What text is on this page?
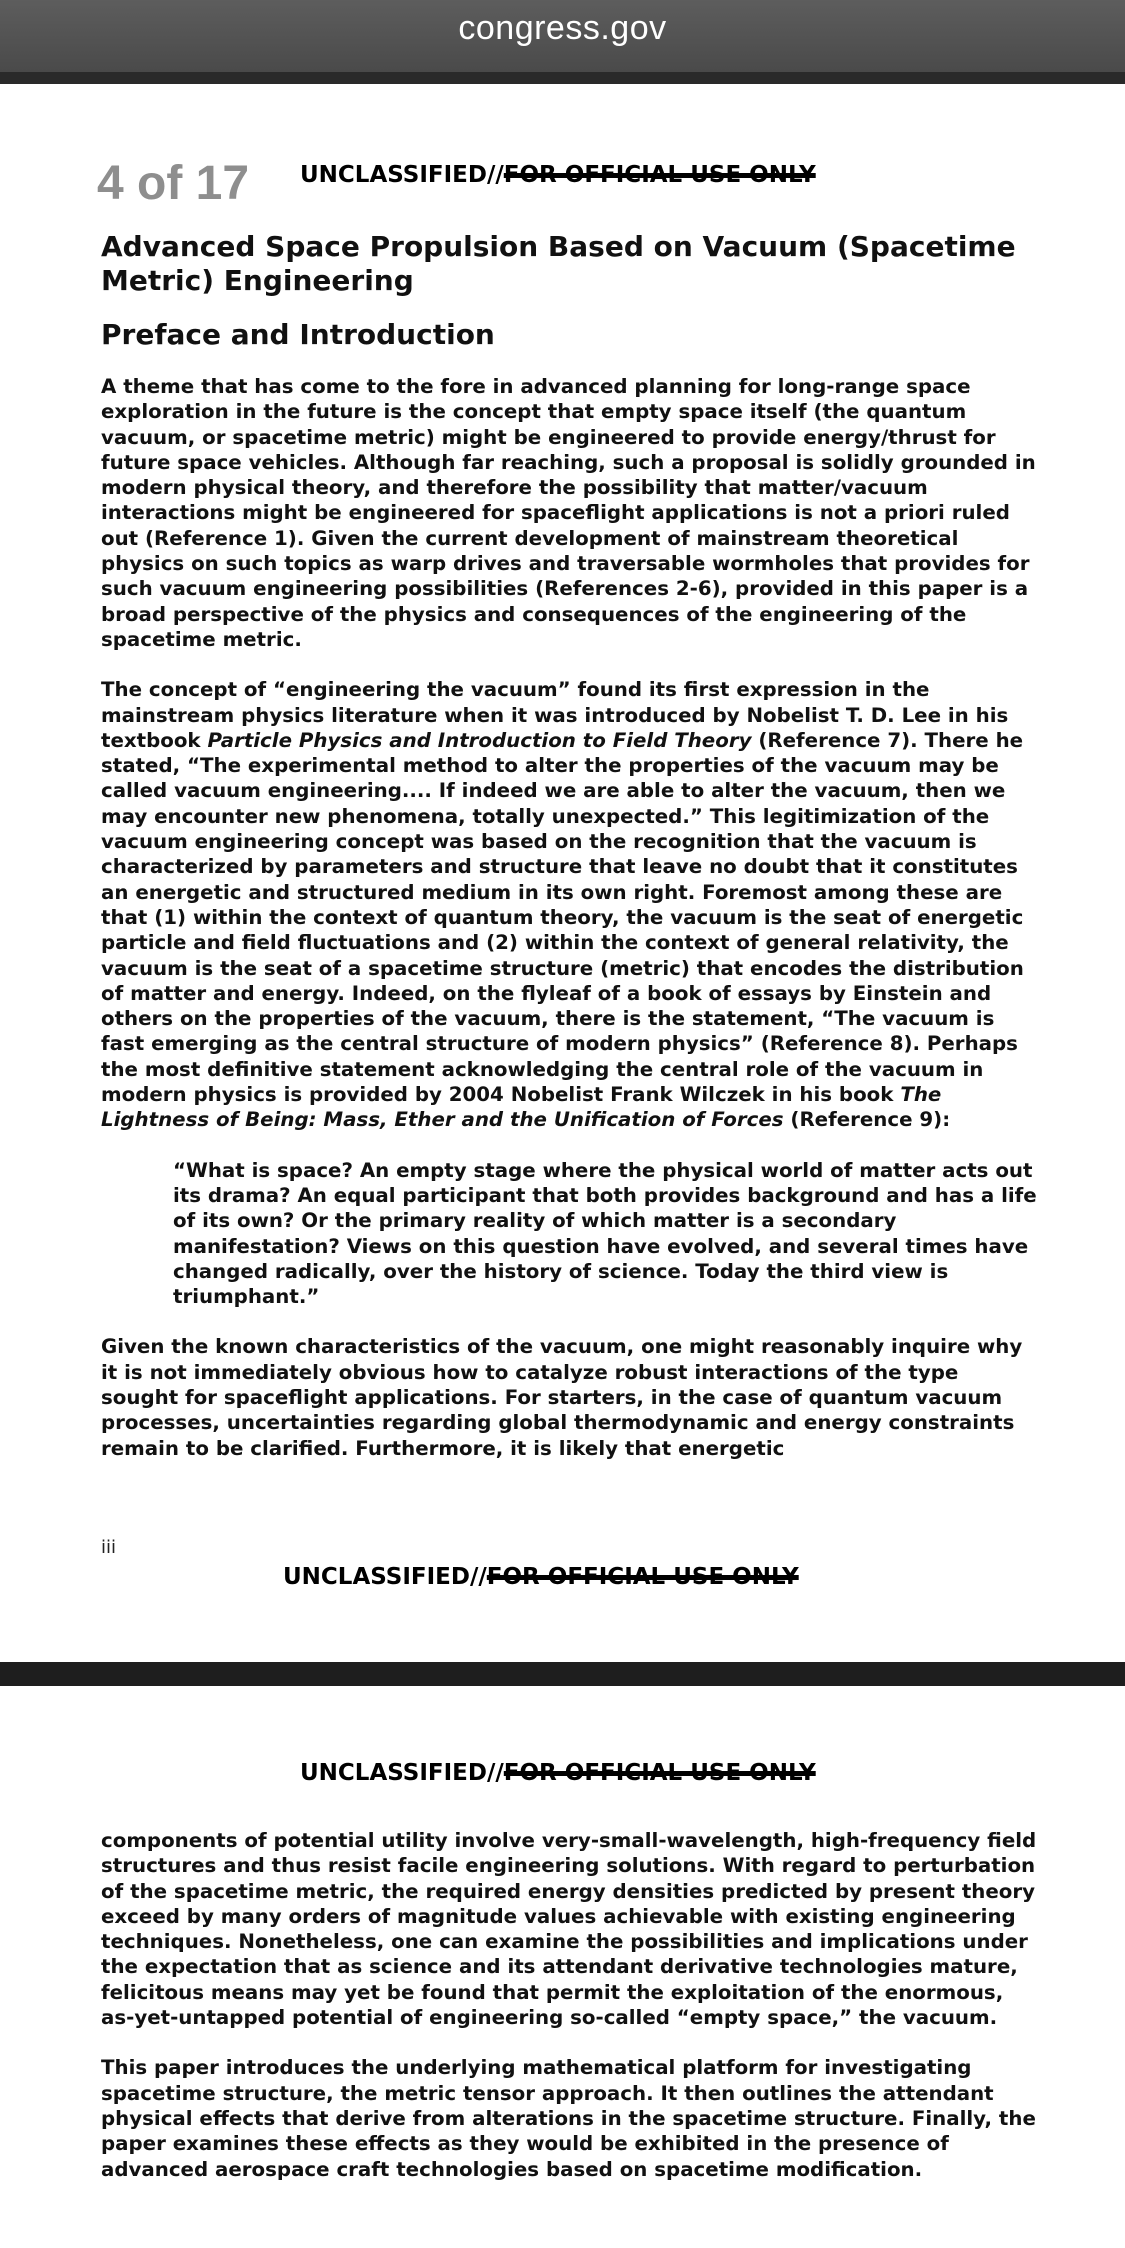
congress.gov
4 of 17 UNCLASSIFIED//FOR OFFICIAL USE ONLY
Advanced Space Propulsion Based on Vacuum (Spacetime Metric) Engineering
Preface and Introduction

A theme that has come to the fore in advanced planning for long-range space exploration in the future is the concept that empty space itself (the quantum vacuum, or spacetime metric) might be engineered to provide energy/thrust for future space vehicles. Although far reaching, such a proposal is solidly grounded in modern physical theory, and therefore the possibility that matter/vacuum interactions might be engineered for spaceflight applications is not a priori ruled out (Reference 1). Given the current development of mainstream theoretical physics on such topics as warp drives and traversable wormholes that provides for such vacuum engineering possibilities (References 2-6), provided in this paper is a broad perspective of the physics and consequences of the engineering of the spacetime metric.

The concept of “engineering the vacuum” found its first expression in the mainstream physics literature when it was introduced by Nobelist T. D. Lee in his textbook Particle Physics and Introduction to Field Theory (Reference 7). There he stated, “The experimental method to alter the properties of the vacuum may be called vacuum engineering.... If indeed we are able to alter the vacuum, then we may encounter new phenomena, totally unexpected.” This legitimization of the vacuum engineering concept was based on the recognition that the vacuum is characterized by parameters and structure that leave no doubt that it constitutes an energetic and structured medium in its own right. Foremost among these are that (1) within the context of quantum theory, the vacuum is the seat of energetic particle and field fluctuations and (2) within the context of general relativity, the vacuum is the seat of a spacetime structure (metric) that encodes the distribution of matter and energy. Indeed, on the flyleaf of a book of essays by Einstein and others on the properties of the vacuum, there is the statement, “The vacuum is fast emerging as the central structure of modern physics” (Reference 8). Perhaps the most definitive statement acknowledging the central role of the vacuum in modern physics is provided by 2004 Nobelist Frank Wilczek in his book The Lightness of Being: Mass, Ether and the Unification of Forces (Reference 9):

“What is space? An empty stage where the physical world of matter acts out its drama? An equal participant that both provides background and has a life of its own? Or the primary reality of which matter is a secondary manifestation? Views on this question have evolved, and several times have changed radically, over the history of science. Today the third view is triumphant.”

Given the known characteristics of the vacuum, one might reasonably inquire why it is not immediately obvious how to catalyze robust interactions of the type sought for spaceflight applications. For starters, in the case of quantum vacuum processes, uncertainties regarding global thermodynamic and energy constraints remain to be clarified. Furthermore, it is likely that energetic

iii
UNCLASSIFIED//FOR OFFICIAL USE ONLY
UNCLASSIFIED//FOR OFFICIAL USE ONLY

components of potential utility involve very-small-wavelength, high-frequency field structures and thus resist facile engineering solutions. With regard to perturbation of the spacetime metric, the required energy densities predicted by present theory exceed by many orders of magnitude values achievable with existing engineering techniques. Nonetheless, one can examine the possibilities and implications under the expectation that as science and its attendant derivative technologies mature, felicitous means may yet be found that permit the exploitation of the enormous, as-yet-untapped potential of engineering so-called “empty space,” the vacuum.

This paper introduces the underlying mathematical platform for investigating spacetime structure, the metric tensor approach. It then outlines the attendant physical effects that derive from alterations in the spacetime structure. Finally, the paper examines these effects as they would be exhibited in the presence of advanced aerospace craft technologies based on spacetime modification.
